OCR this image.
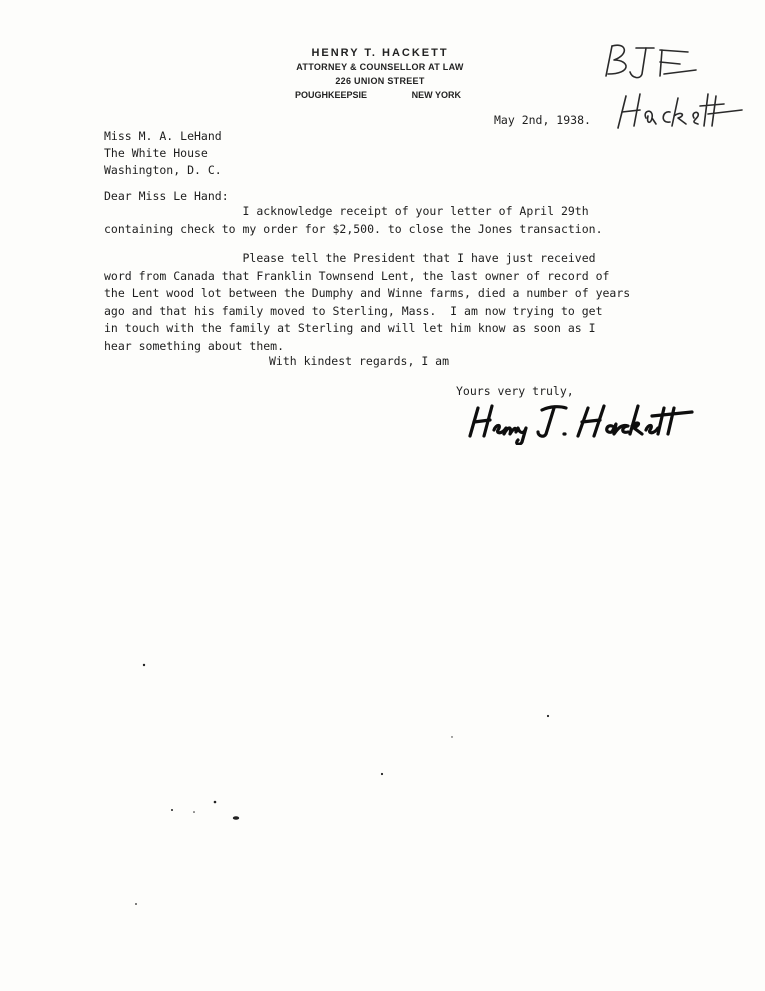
HENRY T. HACKETT
ATTORNEY & COUNSELLOR AT LAW
226 UNION STREET
POUGHKEEPSIE	NEW YORK
May 2nd, 1938.
Miss M. A. LeHand
The White House
Washington, D. C.
Dear Miss Le Hand:
I acknowledge receipt of your letter of April 29th
containing check to my order for $2,500. to close the Jones transaction.
Please tell the President that I have just received
word from Canada that Franklin Townsend Lent, the last owner of record of
the Lent wood lot between the Dumphy and Winne farms, died a number of years
ago and that his family moved to Sterling, Mass.  I am now trying to get
in touch with the family at Sterling and will let him know as soon as I
hear something about them.
With kindest regards, I am
Yours very truly,
